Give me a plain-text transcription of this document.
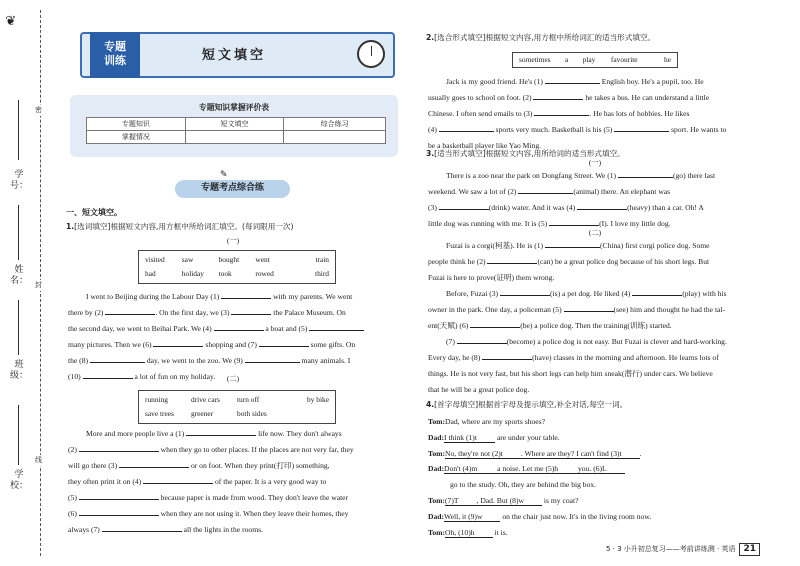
❦
学号：
姓名：
班级：
学校：
密
封
线
专题
训练	短文填空
专题知识掌握评价表
专题知识	短文填空	综合练习
掌握情况		
✎
专题考点综合练
一、短文填空。
1.[选词填空]根据短文内容,用方框中所给词汇填空。(每词限用一次)
(一)
visited	saw	bought	went	train
had	holiday	took	rowed	third
I went to Beijing during the Labour Day (1)	with my parents. We went
there by (2)	. On the first day, we (3)	the Palace Museum. On
the second day, we went to Beihai Park. We (4)	a boat and (5)
many pictures. Then we (6)	shopping and (7)	some gifts. On
the (8)	day, we went to the zoo. We (9)	many animals. I
(10)	a lot of fun on my holiday.	(二)
running	drive cars	turn off	by bike
save trees	greener	both sides
More and more people live a (1)	life now. They don't always
(2)	when they go to other places. If the places are not very far, they
will go there (3)	or on foot. When they print(打印) something,
they often print it on (4)	of the paper. It is a very good way to
(5)	because paper is made from wood. They don't leave the water
(6)	when they are not using it. When they leave their homes, they
always (7)	all the lights in the rooms.
2.[选合形式填空]根据短文内容,用方框中所给词汇的适当形式填空。
sometimes	a	play	favourite	he
Jack is my good friend. He's (1)	English boy. He's a pupil, too. He
usually goes to school on foot. (2)	he takes a bus. He can understand a little
Chinese. I often send emails to (3)	. He has lots of hobbies. He likes
(4)	sports very much. Basketball is his (5)	sport. He wants to
be a basketball player like Yao Ming.
3.[适当形式填空]根据短文内容,用所给词的适当形式填空。
(一)
There is a zoo near the park on Dongfang Street. We (1)	(go) there last
weekend. We saw a lot of (2)	(animal) there. An elephant was
(3)	(drink) water. And it was (4)	(heavy) than a car. Oh! A
little dog was running with me. It is (5)	(I). I love my little dog.
(二)
Fuzai is a corgi(柯基). He is (1)	(China) first corgi police dog. Some
people think he (2)	(can) be a great police dog because of his short legs. But
Fuzai is here to prove(证明) them wrong.
Before, Fuzai (3)	(is) a pet dog. He liked (4)	(play) with his
owner in the park. One day, a policeman (5)	(see) him and thought he had the tal-
ent(天赋) (6)	(be) a police dog. Then the training(训练) started.
(7)	(become) a police dog is not easy. But Fuzai is clever and hard-working.
Every day, he (8)	(have) classes in the morning and afternoon. He learns lots of
things. He is not very fast, but his short legs can help him sneak(潜行) under cars. We believe
that he will be a great police dog.
4.[首字母填空]根据首字母及提示填空,补全对话,每空一词。
Tom:Dad, where are my sports shoes?
Dad:I think (1)t are under your table.
Tom:No, they're not (2)t . Where are they? I can't find (3)t .
Dad:Don't (4)m a noise. Let me (5)h you. (6)L
go to the study. Oh, they are behind the big box.
Tom:(7)T , Dad. But (8)w is my coat?
Dad:Well, it (9)w on the chair just now. It's in the living room now.
Tom:Oh, (10)h it is.
5 · 3 小升初总复习——考前讲练测 · 英语 21
